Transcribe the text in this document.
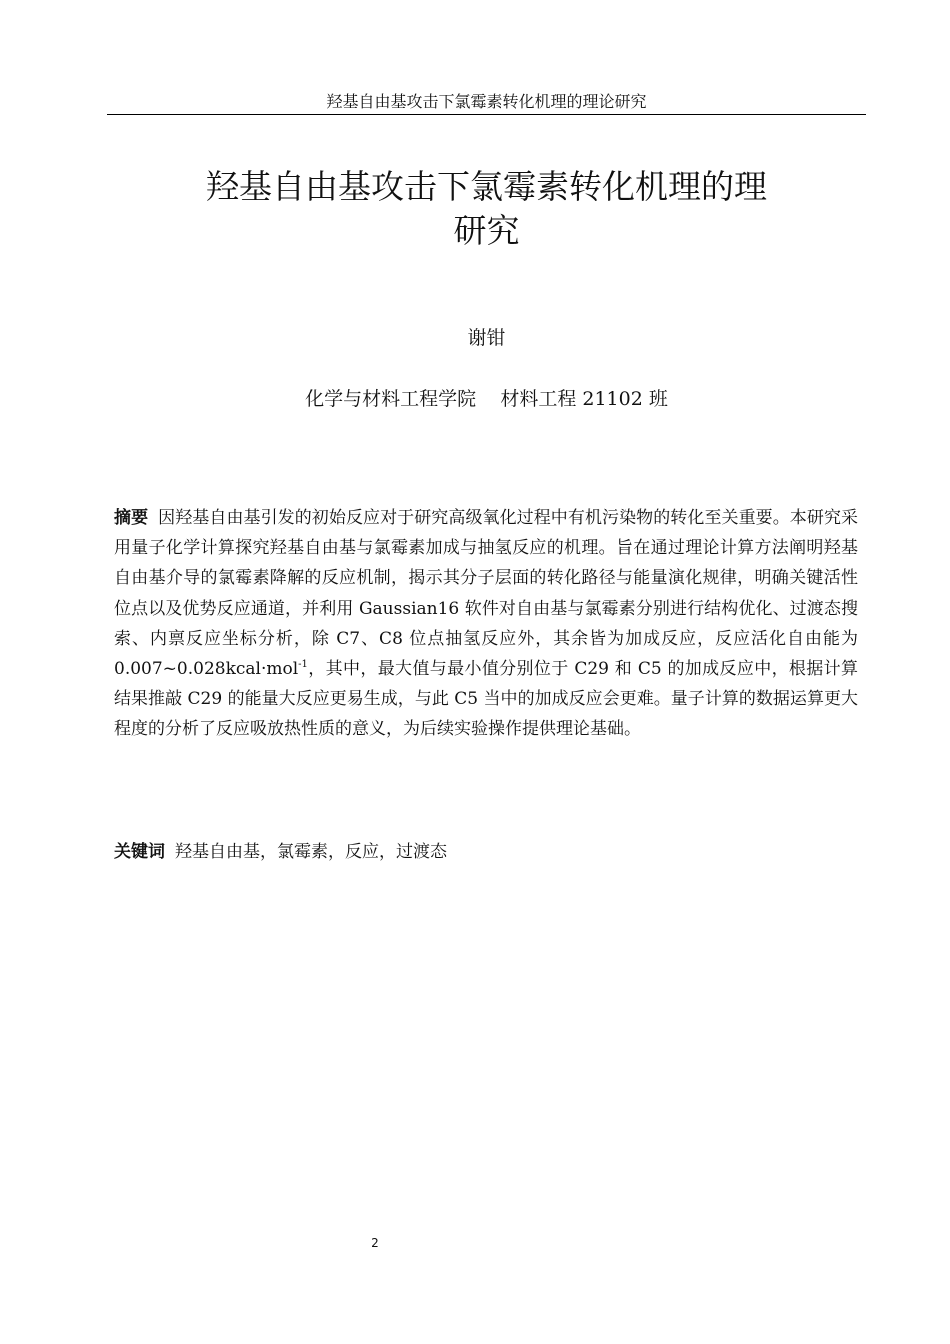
羟基自由基攻击下氯霉素转化机理的理论研究
羟基自由基攻击下氯霉素转化机理的理
研究
谢钳
化学与材料工程学院    材料工程 21102 班

摘要 因羟基自由基引发的初始反应对于研究高级氧化过程中有机污染物的转化至关重要。本研究采用量子化学计算探究羟基自由基与氯霉素加成与抽氢反应的机理。旨在通过理论计算方法阐明羟基自由基介导的氯霉素降解的反应机制，揭示其分子层面的转化路径与能量演化规律，明确关键活性位点以及优势反应通道，并利用 Gaussian16 软件对自由基与氯霉素分别进行结构优化、过渡态搜索、内禀反应坐标分析，除 C7、C8 位点抽氢反应外，其余皆为加成反应，反应活化自由能为 0.007~0.028kcal·mol$^{-1}$，其中，最大值与最小值分别位于 C29 和 C5 的加成反应中，根据计算结果推敲 C29 的能量大反应更易生成，与此 C5 当中的加成反应会更难。量子计算的数据运算更大程度的分析了反应吸放热性质的意义，为后续实验操作提供理论基础。

关键词 羟基自由基，氯霉素，反应，过渡态

2
